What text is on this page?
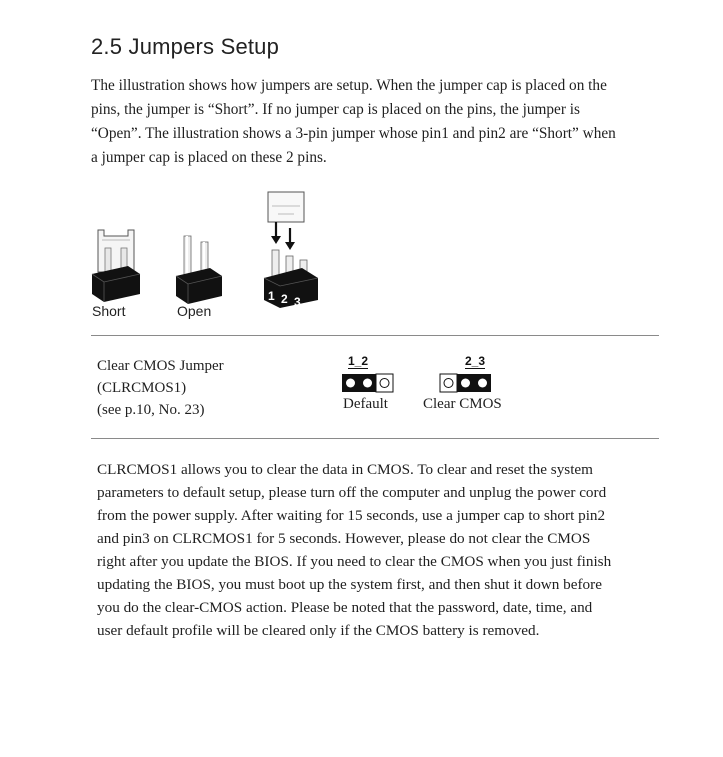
2.5 Jumpers Setup

The illustration shows how jumpers are setup. When the jumper cap is placed on the pins, the jumper is “Short”. If no jumper cap is placed on the pins, the jumper is “Open”. The illustration shows a 3-pin jumper whose pin1 and pin2 are “Short” when a jumper cap is placed on these 2 pins.

1 2 3
Short	Open
Clear CMOS Jumper
(CLRCMOS1)
(see p.10, No. 23)
1_2
Default
2_3
Clear CMOS

CLRCMOS1 allows you to clear the data in CMOS. To clear and reset the system parameters to default setup, please turn off the computer and unplug the power cord from the power supply. After waiting for 15 seconds, use a jumper cap to short pin2 and pin3 on CLRCMOS1 for 5 seconds. However, please do not clear the CMOS right after you update the BIOS. If you need to clear the CMOS when you just finish updating the BIOS, you must boot up the system first, and then shut it down before you do the clear-CMOS action. Please be noted that the password, date, time, and user default profile will be cleared only if the CMOS battery is removed.
